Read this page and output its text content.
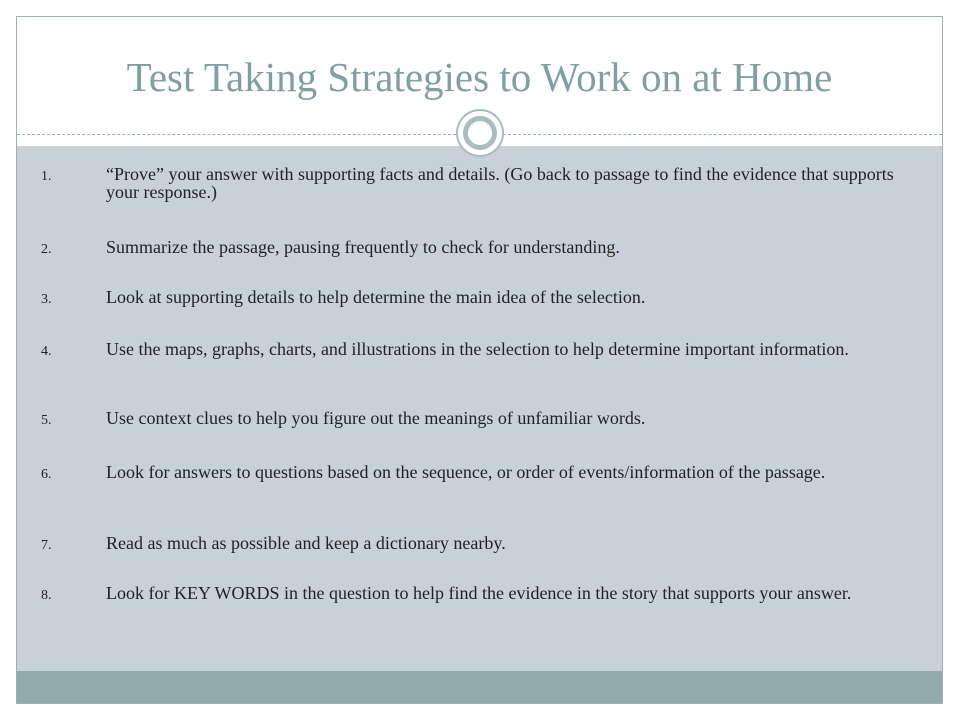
Test Taking Strategies to Work on at Home
1.	“Prove” your answer with supporting facts and details. (Go back to passage to find the evidence that supports your response.)
2.	Summarize the passage, pausing frequently to check for understanding.
3.	Look at supporting details to help determine the main idea of the selection.
4.	Use the maps, graphs, charts, and illustrations in the selection to help determine important information.
5.	Use context clues to help you figure out the meanings of unfamiliar words.
6.	Look for answers to questions based on the sequence, or order of events/information of the passage.
7.	Read as much as possible and keep a dictionary nearby.
8.	Look for KEY WORDS in the question to help find the evidence in the story that supports your answer.
